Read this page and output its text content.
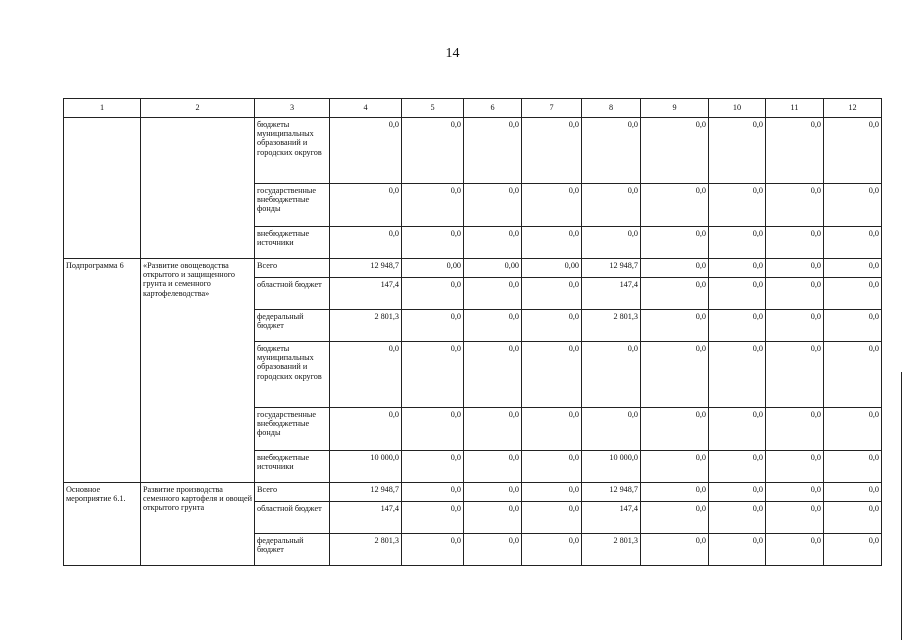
14
1	2	3	4	5	6	7	8	9	10	11	12
		бюджеты муниципальных образований и городских округов	0,0	0,0	0,0	0,0	0,0	0,0	0,0	0,0	0,0
		государственные внебюджетные фонды	0,0	0,0	0,0	0,0	0,0	0,0	0,0	0,0	0,0
		внебюджетные источники	0,0	0,0	0,0	0,0	0,0	0,0	0,0	0,0	0,0
Подпрограмма 6	«Развитие овощеводства открытого и защищенного грунта и семенного картофелеводства»	Всего	12 948,7	0,00	0,00	0,00	12 948,7	0,0	0,0	0,0	0,0
		областной бюджет	147,4	0,0	0,0	0,0	147,4	0,0	0,0	0,0	0,0
		федеральный бюджет	2 801,3	0,0	0,0	0,0	2 801,3	0,0	0,0	0,0	0,0
		бюджеты муниципальных образований и городских округов	0,0	0,0	0,0	0,0	0,0	0,0	0,0	0,0	0,0
		государственные внебюджетные фонды	0,0	0,0	0,0	0,0	0,0	0,0	0,0	0,0	0,0
		внебюджетные источники	10 000,0	0,0	0,0	0,0	10 000,0	0,0	0,0	0,0	0,0
Основное мероприятие 6.1.	Развитие производства семенного картофеля и овощей открытого грунта	Всего	12 948,7	0,0	0,0	0,0	12 948,7	0,0	0,0	0,0	0,0
		областной бюджет	147,4	0,0	0,0	0,0	147,4	0,0	0,0	0,0	0,0
		федеральный бюджет	2 801,3	0,0	0,0	0,0	2 801,3	0,0	0,0	0,0	0,0
